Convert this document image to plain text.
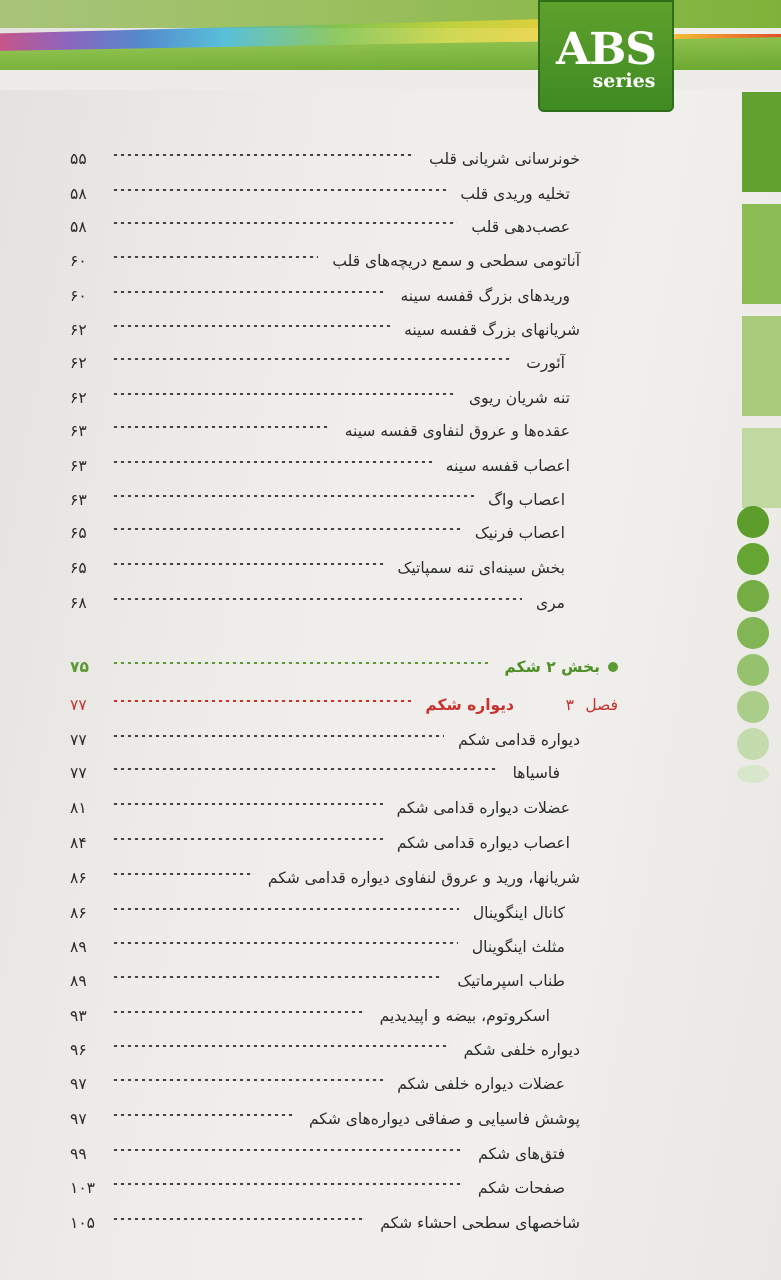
ABS
series
خونرسانی شریانی قلب
۵۵
تخلیه وریدی قلب
۵۸
عصب‌دهی قلب
۵۸
آناتومی سطحی و سمع دریچه‌های قلب
۶۰
وریدهای بزرگ قفسه سینه
۶۰
شریانهای بزرگ قفسه سینه
۶۲
آئورت
۶۲
تنه شریان ریوی
۶۲
عقده‌ها و عروق لنفاوی قفسه سینه
۶۳
اعصاب قفسه سینه
۶۳
اعصاب واگ
۶۳
اعصاب فرنیک
۶۵
بخش سینه‌ای تنه سمپاتیک
۶۵
مری
۶۸
بخش ۲ شکم
۷۵
فصل
۳
دیواره شکم
۷۷
دیواره قدامی شکم
۷۷
فاسیاها
۷۷
عضلات دیواره قدامی شکم
۸۱
اعصاب دیواره قدامی شکم
۸۴
شریانها، ورید و عروق لنفاوی دیواره قدامی شکم
۸۶
کانال اینگوینال
۸۶
مثلث اینگوینال
۸۹
طناب اسپرماتیک
۸۹
اسکروتوم، بیضه و اپیدیدیم
۹۳
دیواره خلفی شکم
۹۶
عضلات دیواره خلفی شکم
۹۷
پوشش فاسیایی و صفاقی دیواره‌های شکم
۹۷
فتق‌های شکم
۹۹
صفحات شکم
۱۰۳
شاخصهای سطحی احشاء شکم
۱۰۵
